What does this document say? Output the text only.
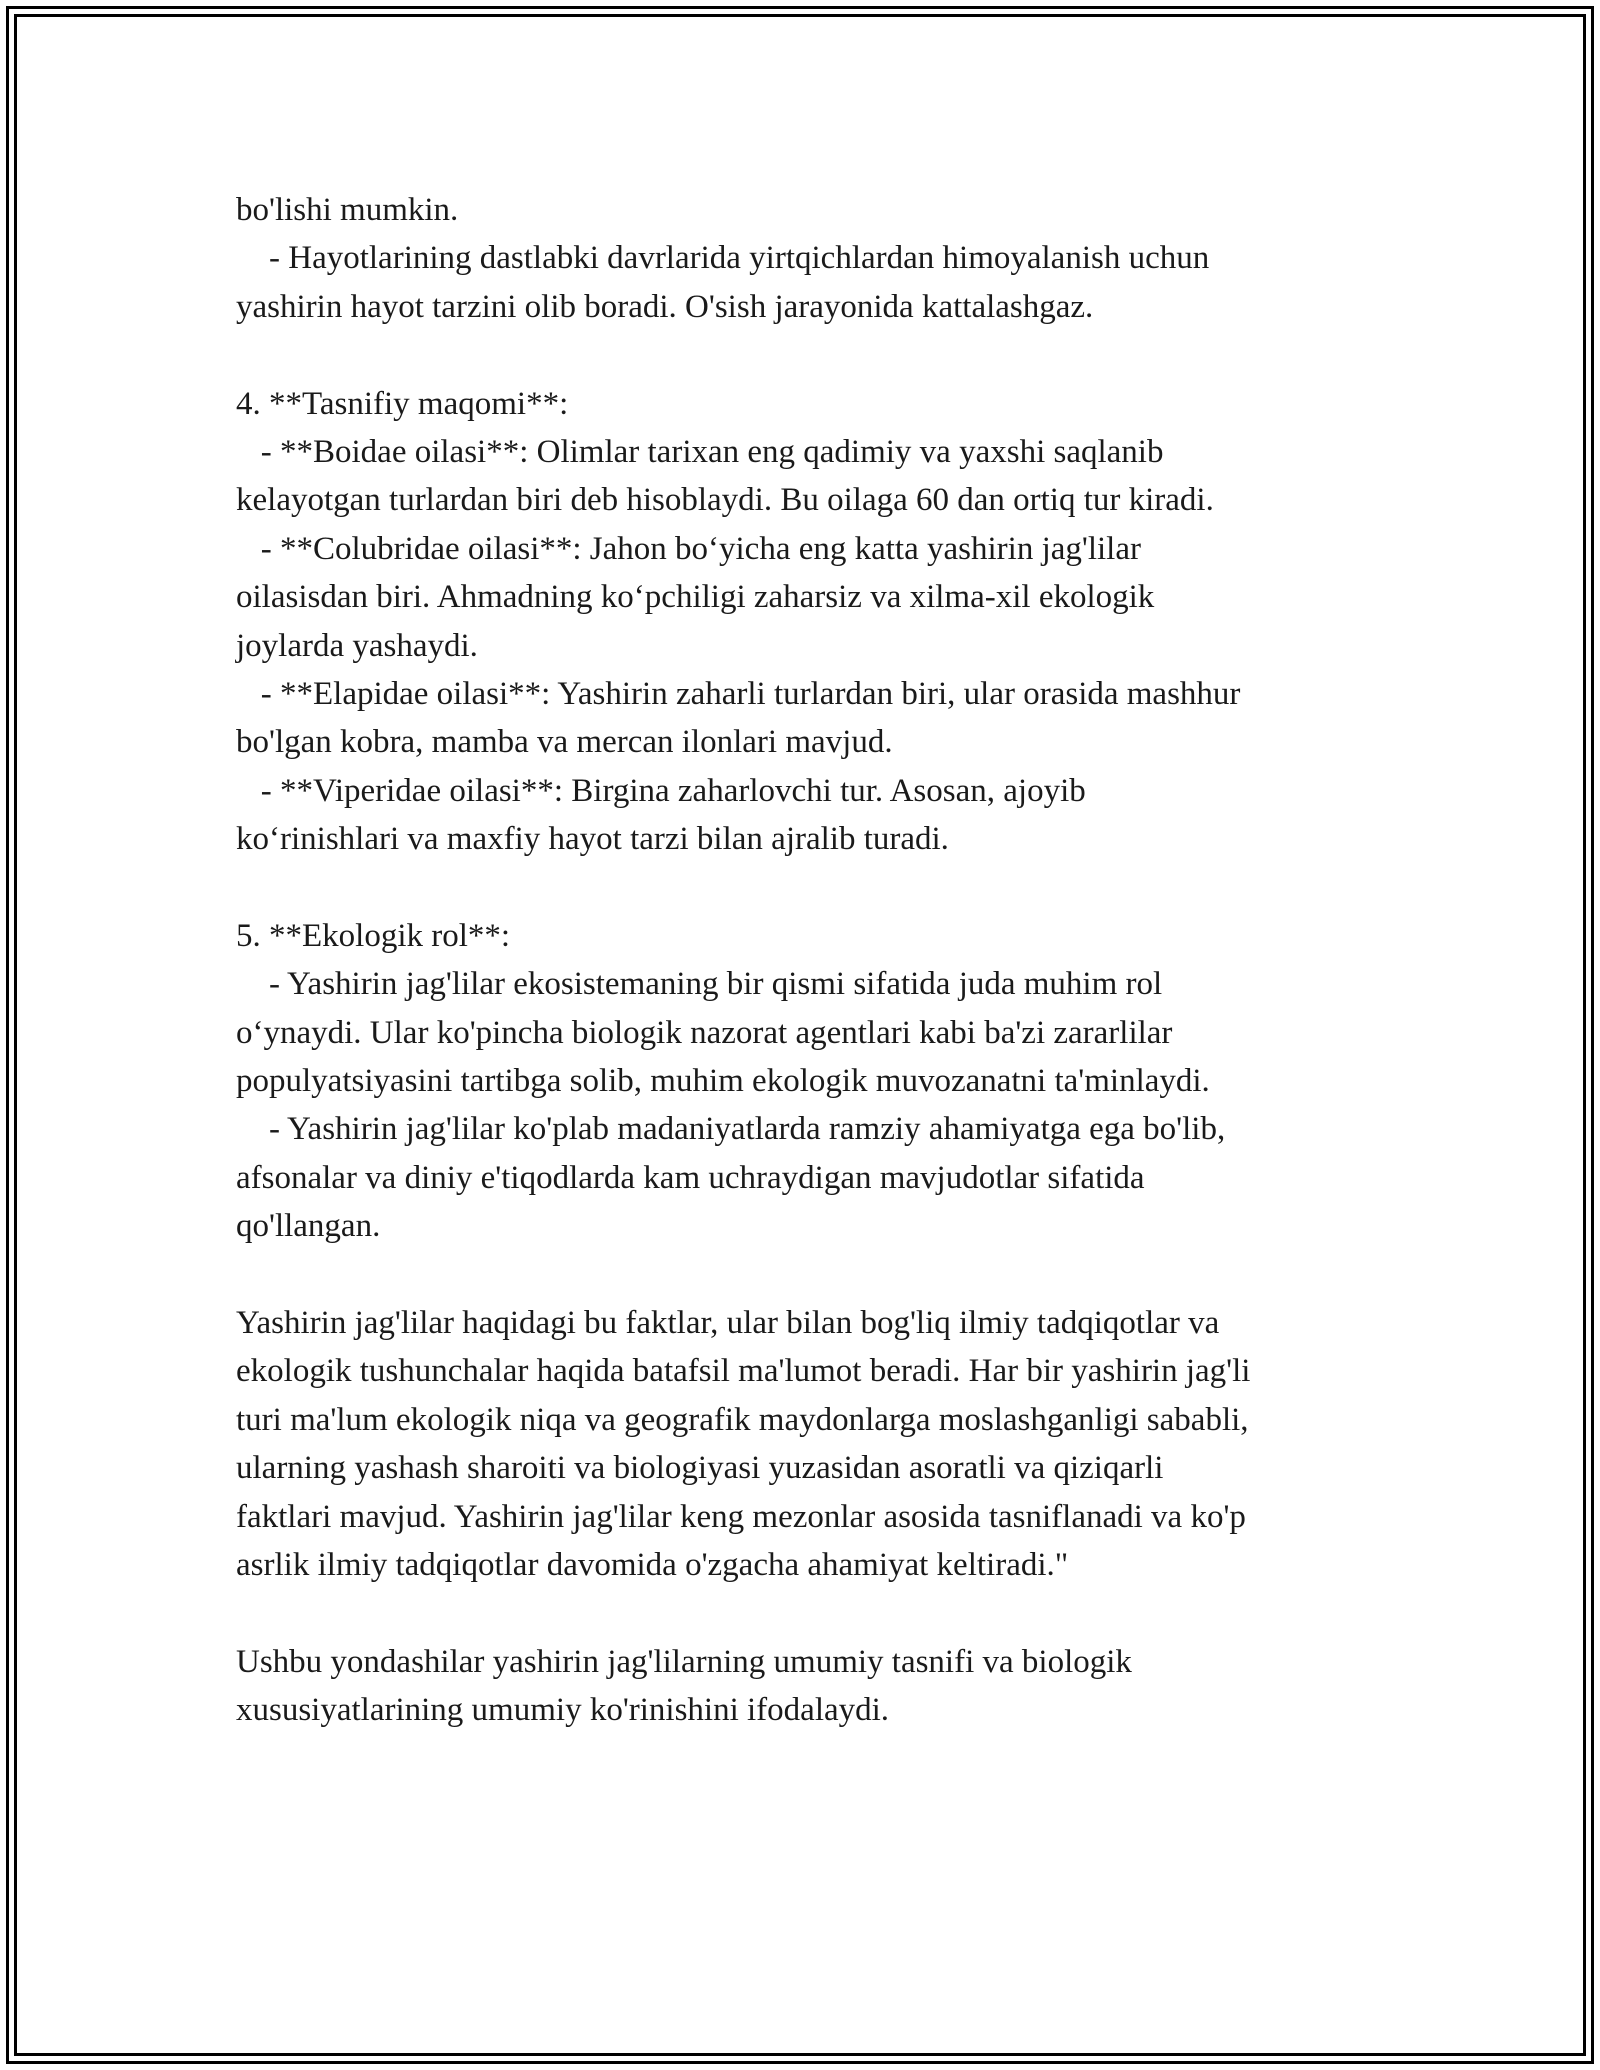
bo'lishi mumkin.
- Hayotlarining dastlabki davrlarida yirtqichlardan himoyalanish uchun
yashirin hayot tarzini olib boradi. O'sish jarayonida kattalashgaz.
4. **Tasnifiy maqomi**:
- **Boidae oilasi**: Olimlar tarixan eng qadimiy va yaxshi saqlanib
kelayotgan turlardan biri deb hisoblaydi. Bu oilaga 60 dan ortiq tur kiradi.
- **Colubridae oilasi**: Jahon bo‘yicha eng katta yashirin jag'lilar
oilasisdan biri. Ahmadning ko‘pchiligi zaharsiz va xilma-xil ekologik
joylarda yashaydi.
- **Elapidae oilasi**: Yashirin zaharli turlardan biri, ular orasida mashhur
bo'lgan kobra, mamba va mercan ilonlari mavjud.
- **Viperidae oilasi**: Birgina zaharlovchi tur. Asosan, ajoyib
ko‘rinishlari va maxfiy hayot tarzi bilan ajralib turadi.
5. **Ekologik rol**:
- Yashirin jag'lilar ekosistemaning bir qismi sifatida juda muhim rol
o‘ynaydi. Ular ko'pincha biologik nazorat agentlari kabi ba'zi zararlilar
populyatsiyasini tartibga solib, muhim ekologik muvozanatni ta'minlaydi.
- Yashirin jag'lilar ko'plab madaniyatlarda ramziy ahamiyatga ega bo'lib,
afsonalar va diniy e'tiqodlarda kam uchraydigan mavjudotlar sifatida
qo'llangan.
Yashirin jag'lilar haqidagi bu faktlar, ular bilan bog'liq ilmiy tadqiqotlar va
ekologik tushunchalar haqida batafsil ma'lumot beradi. Har bir yashirin jag'li
turi ma'lum ekologik niqa va geografik maydonlarga moslashganligi sababli,
ularning yashash sharoiti va biologiyasi yuzasidan asoratli va qiziqarli
faktlari mavjud. Yashirin jag'lilar keng mezonlar asosida tasniflanadi va ko'p
asrlik ilmiy tadqiqotlar davomida o'zgacha ahamiyat keltiradi."
Ushbu yondashilar yashirin jag'lilarning umumiy tasnifi va biologik
xususiyatlarining umumiy ko'rinishini ifodalaydi.
